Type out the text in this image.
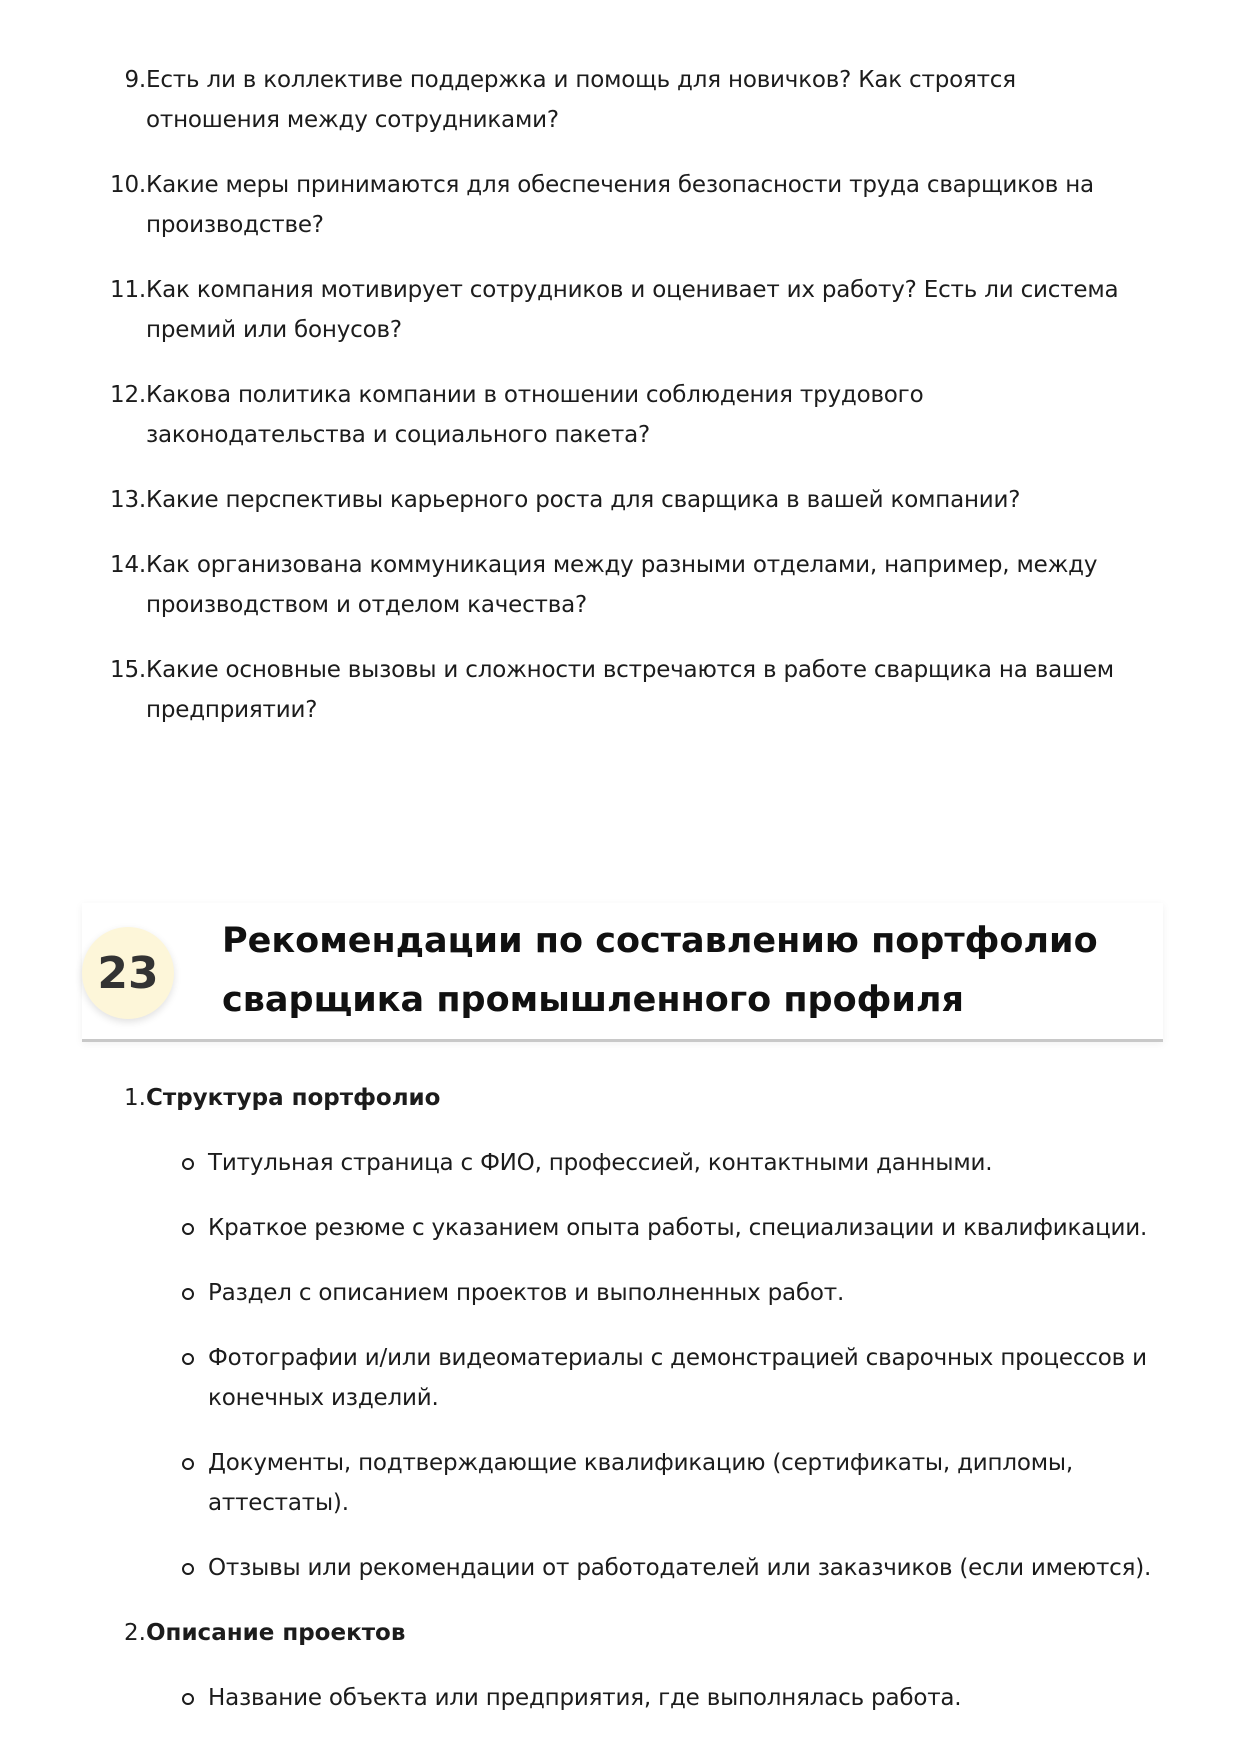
9. Есть ли в коллективе поддержка и помощь для новичков? Как строятся отношения между сотрудниками?
10. Какие меры принимаются для обеспечения безопасности труда сварщиков на производстве?
11. Как компания мотивирует сотрудников и оценивает их работу? Есть ли система премий или бонусов?
12. Какова политика компании в отношении соблюдения трудового законодательства и социального пакета?
13. Какие перспективы карьерного роста для сварщика в вашей компании?
14. Как организована коммуникация между разными отделами, например, между производством и отделом качества?
15. Какие основные вызовы и сложности встречаются в работе сварщика на вашем предприятии?
23
Рекомендации по составлению портфолио сварщика промышленного профиля
1. Структура портфолио
Титульная страница с ФИО, профессией, контактными данными.
Краткое резюме с указанием опыта работы, специализации и квалификации.
Раздел с описанием проектов и выполненных работ.
Фотографии и/или видеоматериалы с демонстрацией сварочных процессов и конечных изделий.
Документы, подтверждающие квалификацию (сертификаты, дипломы, аттестаты).
Отзывы или рекомендации от работодателей или заказчиков (если имеются).
2. Описание проектов
Название объекта или предприятия, где выполнялась работа.
